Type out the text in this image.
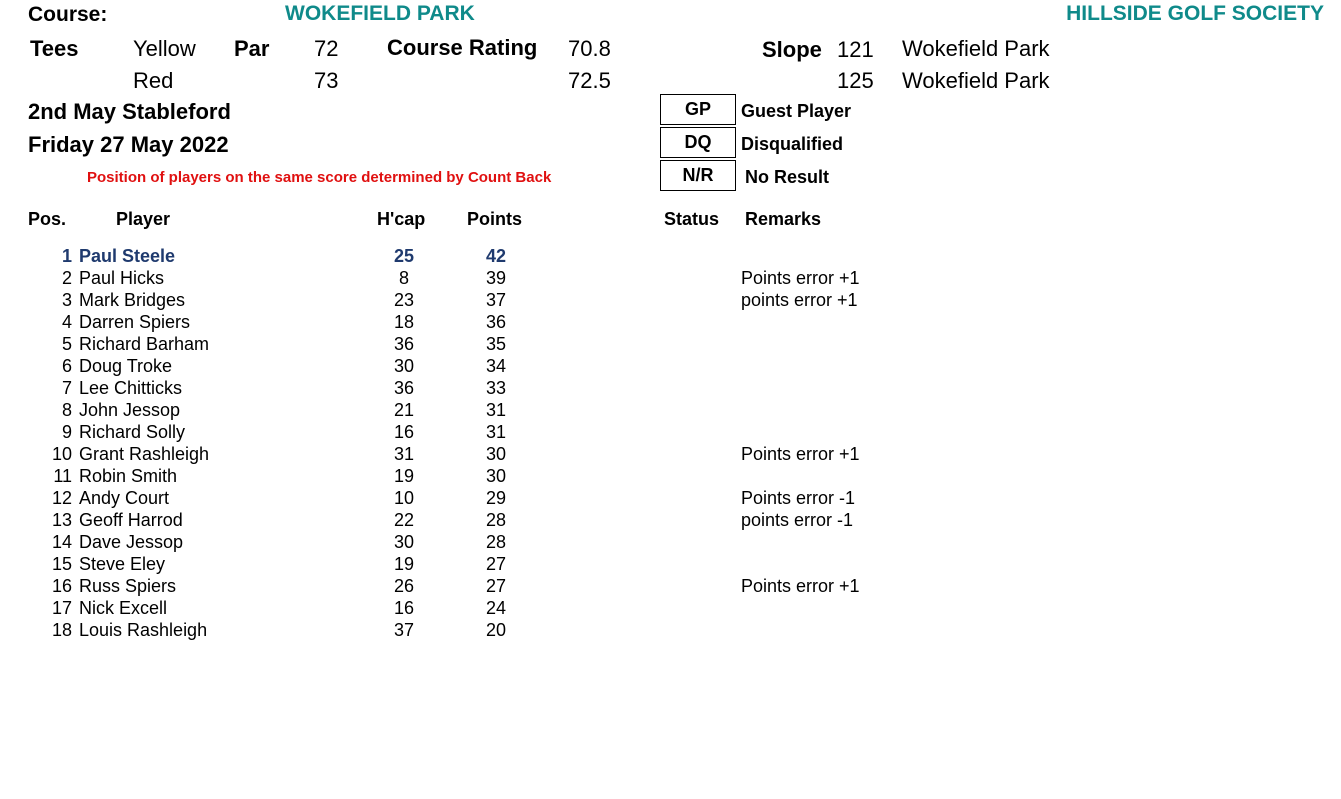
Course:	WOKEFIELD PARK	HILLSIDE GOLF SOCIETY
Tees Yellow Par 72 Course Rating 70.8	Slope 121 Wokefield Park
Red	73	72.5	125 Wokefield Park
2nd May Stableford
Friday 27 May 2022
Position of players on the same score determined by Count Back
GP	Guest Player
DQ	Disqualified
N/R	No Result
Pos.	Player	H'cap Points	Status Remarks
1 Paul Steele	25	42
2 Paul Hicks	8	39	Points error +1
3 Mark Bridges	23	37	points error +1
4 Darren Spiers	18	36
5 Richard Barham	36	35
6 Doug Troke	30	34
7 Lee Chitticks	36	33
8 John Jessop	21	31
9 Richard Solly	16	31
10 Grant Rashleigh	31	30	Points error +1
11 Robin Smith	19	30
12 Andy Court	10	29	Points error -1
13 Geoff Harrod	22	28	points error -1
14 Dave Jessop	30	28
15 Steve Eley	19	27
16 Russ Spiers	26	27	Points error +1
17 Nick Excell	16	24
18 Louis Rashleigh	37	20
